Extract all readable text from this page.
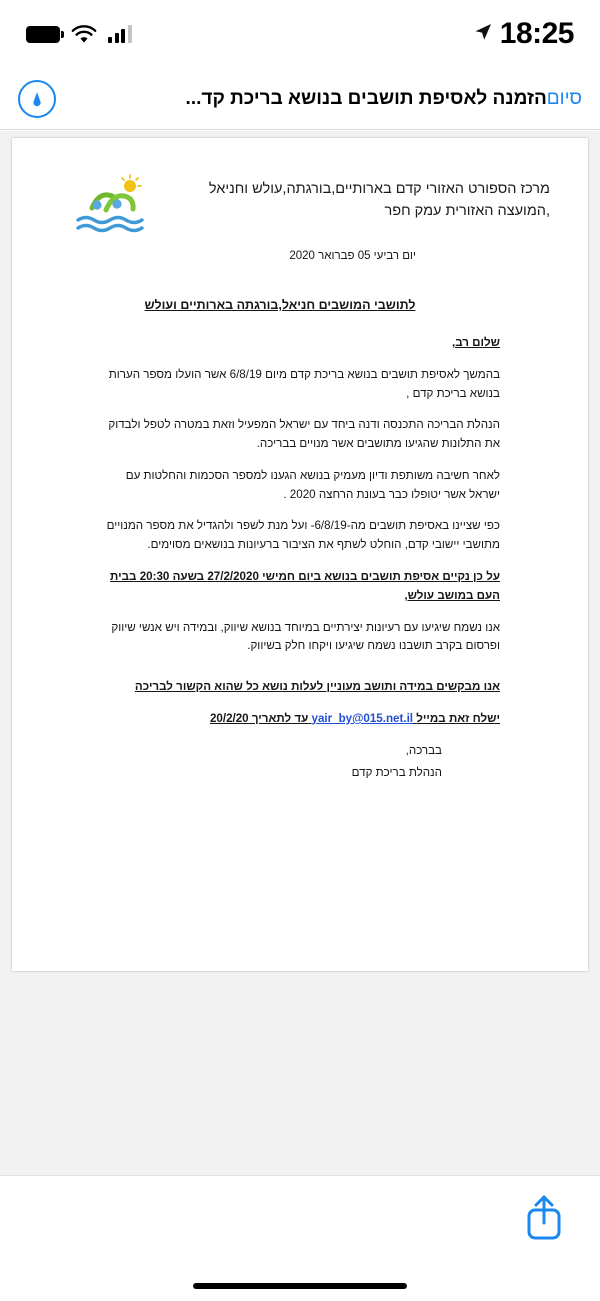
18:25
הזמנה לאסיפת תושבים בנושא בריכת קד... סיום
מרכז הספורט האזורי קדם בארותיים,בורגתה,עולש וחניאל ,המועצה האזורית עמק חפר
יום רביעי 05 פברואר 2020
לתושבי המושבים חניאל,בורגתה בארותיים ועולש

שלום רב,

בהמשך לאסיפת תושבים בנושא בריכת קדם מיום 6/8/19 אשר הועלו מספר הערות בנושא בריכת קדם ,

הנהלת הבריכה התכנסה ודנה ביחד עם ישראל המפעיל וזאת במטרה לטפל ולבדוק את התלונות שהגיעו מתושבים אשר מנויים בבריכה.

לאחר חשיבה משותפת ודיון מעמיק בנושא הגענו למספר הסכמות והחלטות עם ישראל אשר יטופלו כבר בעונת הרחצה 2020 .

כפי שציינו באסיפת תושבים מה-6/8/19- ועל מנת לשפר ולהגדיל את מספר המנויים מתושבי יישובי קדם, הוחלט לשתף את הציבור ברעיונות בנושאים מסוימים.

על כן נקיים אסיפת תושבים בנושא ביום חמישי 27/2/2020 בשעה 20:30 בבית העם במושב עולש,

אנו נשמח שיגיעו עם רעיונות יצירתיים במיוחד בנושא שיווק, ובמידה ויש אנשי שיווק ופרסום בקרב תושבנו נשמח שיגיעו ויקחו חלק בשיווק.

אנו מבקשים במידה ותושב מעוניין לעלות נושא כל שהוא הקשור לבריכה

ישלח זאת במייל yair_by@015.net.il עד לתאריך 20/2/20

בברכה,
הנהלת בריכת קדם
